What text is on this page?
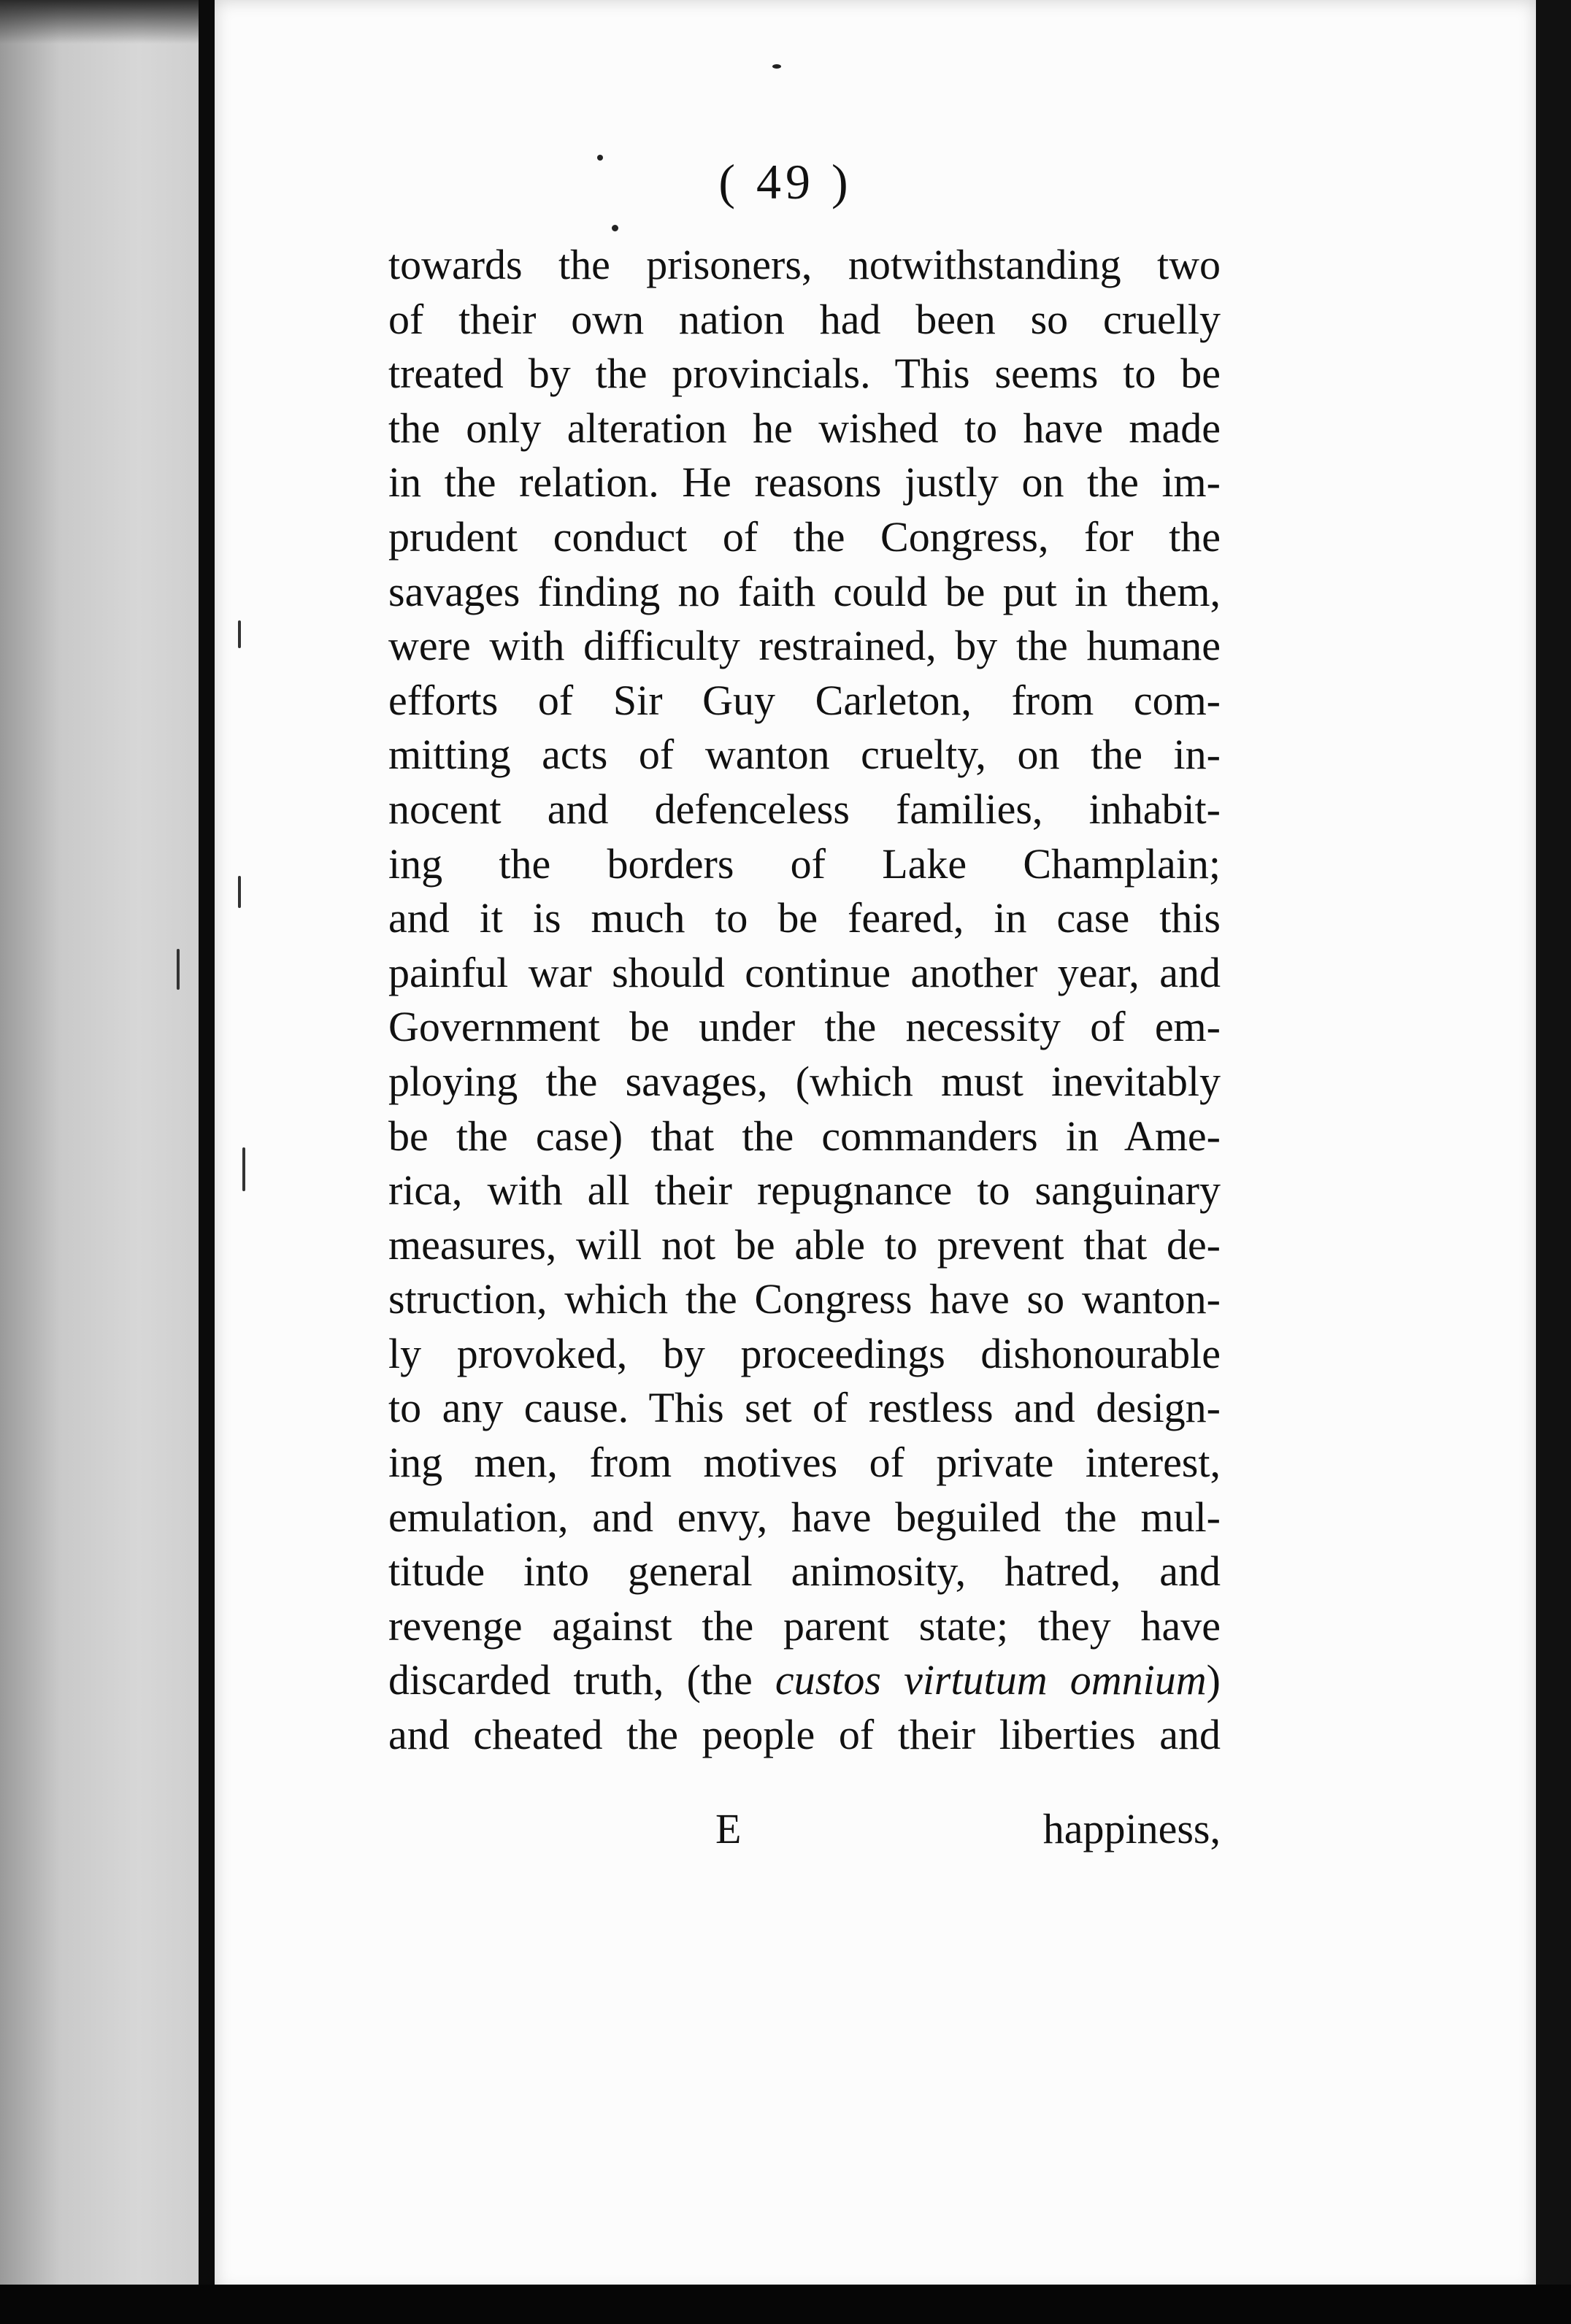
( 49 )
towards the prisoners, notwithstanding two
of their own nation had been so cruelly
treated by the provincials. This seems to be
the only alteration he wished to have made
in the relation. He reasons justly on the im-
prudent conduct of the Congress, for the
savages finding no faith could be put in them,
were with difficulty restrained, by the humane
efforts of Sir Guy Carleton, from com-
mitting acts of wanton cruelty, on the in-
nocent and defenceless families, inhabit-
ing the borders of Lake Champlain;
and it is much to be feared, in case this
painful war should continue another year, and
Government be under the necessity of em-
ploying the savages, (which must inevitably
be the case) that the commanders in Ame-
rica, with all their repugnance to sanguinary
measures, will not be able to prevent that de-
struction, which the Congress have so wanton-
ly provoked, by proceedings dishonourable
to any cause. This set of restless and design-
ing men, from motives of private interest,
emulation, and envy, have beguiled the mul-
titude into general animosity, hatred, and
revenge against the parent state; they have
discarded truth, (the custos virtutum omnium)
and cheated the people of their liberties and
E	happiness,
